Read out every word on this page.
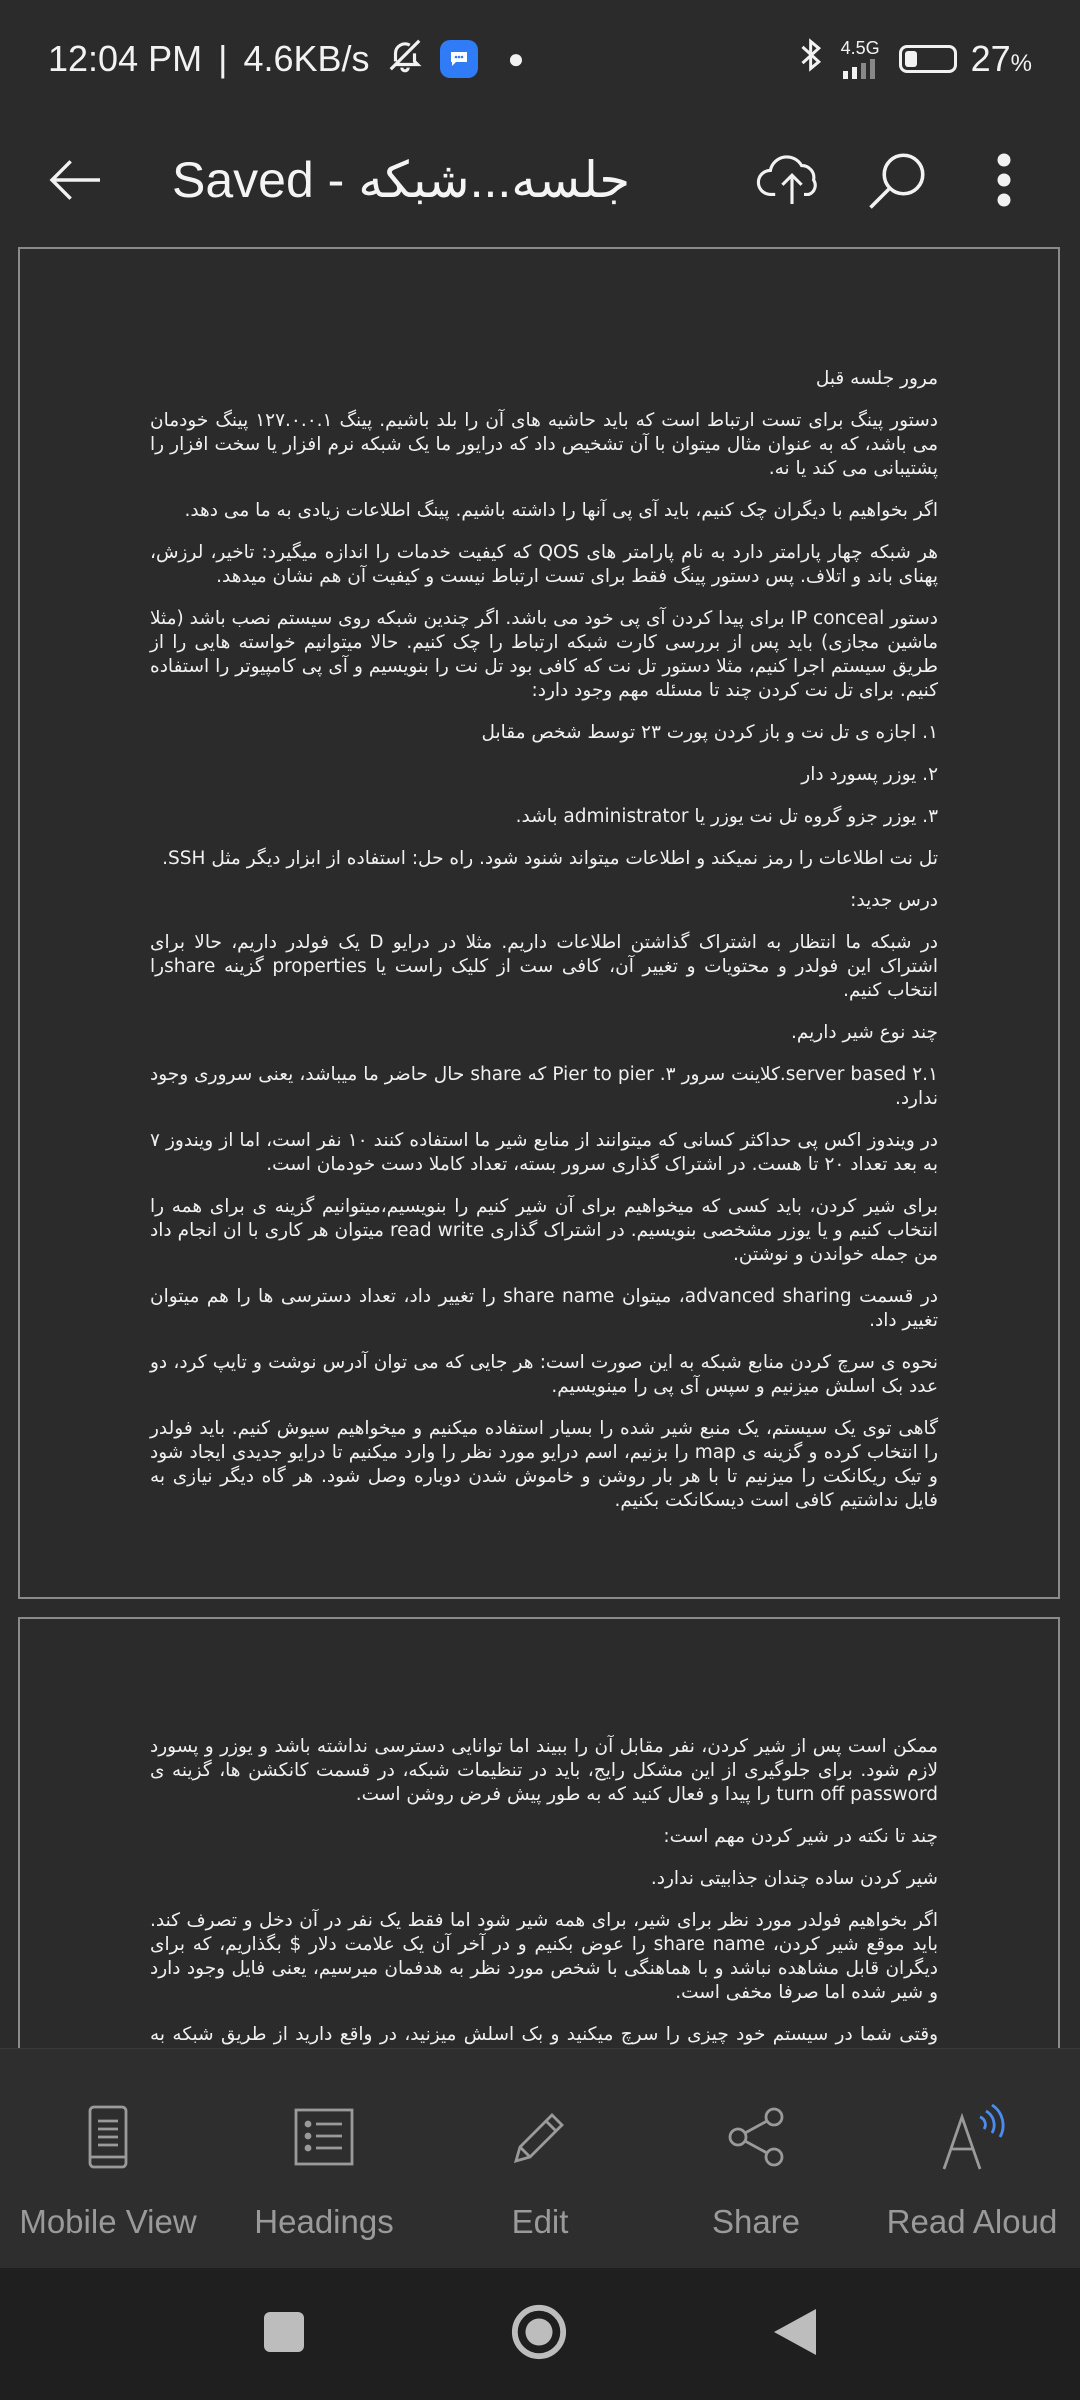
12:04 PM | 4.6KB/s	●	4.5G	27%
Saved - جلسه...شبکه

مرور جلسه قبل

دستور پینگ برای تست ارتباط است که باید حاشیه های آن را بلد باشیم. پینگ ۱۲۷.۰.۰.۱ پینگ خودمان می باشد، که به عنوان مثال میتوان با آن تشخیص داد که درایور ما یک شبکه نرم افزار یا سخت افزار را پشتیبانی می کند یا نه.

اگر بخواهیم با دیگران چک کنیم، باید آی پی آنها را داشته باشیم. پینگ اطلاعات زیادی به ما می دهد.

هر شبکه چهار پارامتر دارد به نام پارامتر های QOS که کیفیت خدمات را اندازه میگیرد: تاخیر، لرزش، پهنای باند و اتلاف. پس دستور پینگ فقط برای تست ارتباط نیست و کیفیت آن هم نشان میدهد.

دستور IP conceal برای پیدا کردن آی پی خود می باشد. اگر چندین شبکه روی سیستم نصب باشد (مثلا ماشین مجازی) باید پس از بررسی کارت شبکه ارتباط را چک کنیم. حالا میتوانیم خواسته هایی را از طریق سیستم اجرا کنیم، مثلا دستور تل نت که کافی بود تل نت را بنویسیم و آی پی کامپیوتر را استفاده کنیم. برای تل نت کردن چند تا مسئله مهم وجود دارد:

۱. اجازه ی تل نت و باز کردن پورت ۲۳ توسط شخص مقابل

۲. یوزر پسورد دار

۳. یوزر جزو گروه تل نت یوزر یا administrator باشد.

تل نت اطلاعات را رمز نمیکند و اطلاعات میتواند شنود شود. راه حل: استفاده از ابزار دیگر مثل SSH.

درس جدید:

در شبکه ما انتظار به اشتراک گذاشتن اطلاعات داریم. مثلا در درایو D یک فولدر داریم، حالا برای اشتراک این فولدر و محتویات و تغییر آن، کافی ست از کلیک راست یا properties گزینه shareرا انتخاب کنیم.

چند نوع شیر داریم.

۱.server based ۲.کلاینت سرور ۳. Pier to pier که share حال حاضر ما میباشد، یعنی سروری وجود ندارد.

در ویندوز اکس پی حداکثر کسانی که میتوانند از منابع شیر ما استفاده کنند ۱۰ نفر است، اما از ویندوز ۷ به بعد تعداد ۲۰ تا هست. در اشتراک گذاری سرور بسته، تعداد کاملا دست خودمان است.

برای شیر کردن، باید کسی که میخواهیم برای آن شیر کنیم را بنویسیم،میتوانیم گزینه ی برای همه را انتخاب کنیم و یا یوزر مشخصی بنویسیم. در اشتراک گذاری read write میتوان هر کاری با ان انجام داد من جمله خواندن و نوشتن.

در قسمت advanced sharing، میتوان share name را تغییر داد، تعداد دسترسی ها را هم میتوان تغییر داد.

نحوه ی سرچ کردن منابع شبکه به این صورت است: هر جایی که می توان آدرس نوشت و تایپ کرد، دو عدد بک اسلش میزنیم و سپس آی پی را مینویسیم.

گاهی توی یک سیستم، یک منبع شیر شده را بسیار استفاده میکنیم و میخواهیم سیوش کنیم. باید فولدر را انتخاب کرده و گزینه ی map را بزنیم، اسم درایو مورد نظر را وارد میکنیم تا درایو جدیدی ایجاد شود و تیک ریکانکت را میزنیم تا با هر بار روشن و خاموش شدن دوباره وصل شود. هر گاه دیگر نیازی به فایل نداشتیم کافی است دیسکانکت بکنیم.

ممکن است پس از شیر کردن، نفر مقابل آن را ببیند اما توانایی دسترسی نداشته باشد و یوزر و پسورد لازم شود. برای جلوگیری از این مشکل رایج، باید در تنظیمات شبکه، در قسمت کانکشن ها، گزینه ی turn off password را پیدا و فعال کنید که به طور پیش فرض روشن است.

چند تا نکته در شیر کردن مهم است:

شیر کردن ساده چندان جذابیتی ندارد.

اگر بخواهیم فولدر مورد نظر برای شیر، برای همه شیر شود اما فقط یک نفر در آن دخل و تصرف کند. باید موقع شیر کردن، share name را عوض بکنیم و در آخر آن یک علامت دلار $ بگذاریم، که برای دیگران قابل مشاهده نباشد و با هماهنگی با شخص مورد نظر به هدفمان میرسیم، یعنی فایل وجود دارد و شیر شده اما صرفا مخفی است.

وقتی شما در سیستم خود چیزی را سرچ میکنید و بک اسلش میزنید، در واقع دارید از طریق شبکه به

Mobile View Headings	Edit	Share	Read Aloud
